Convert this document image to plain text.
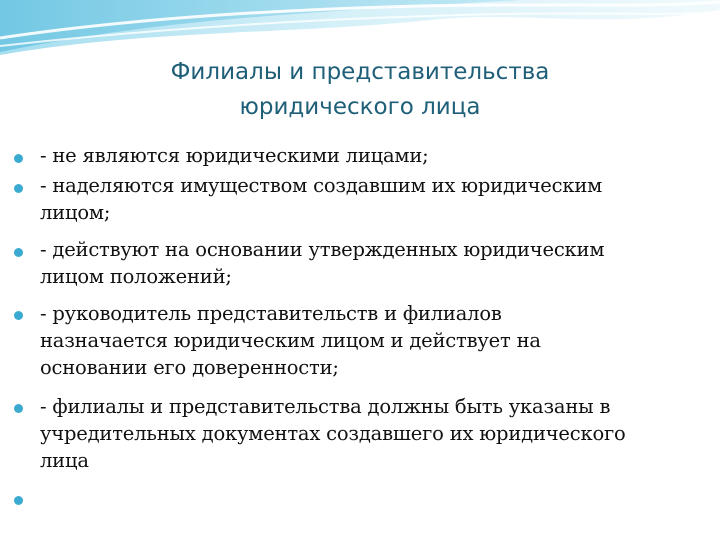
Филиалы и представительства
юридического лица
- не являются юридическими лицами;
- наделяются имуществом создавшим их юридическим
лицом;
- действуют на основании утвержденных юридическим
лицом положений;
- руководитель представительств и филиалов
назначается юридическим лицом и действует на
основании его доверенности;
- филиалы и представительства должны быть указаны в
учредительных документах создавшего их юридического
лица
